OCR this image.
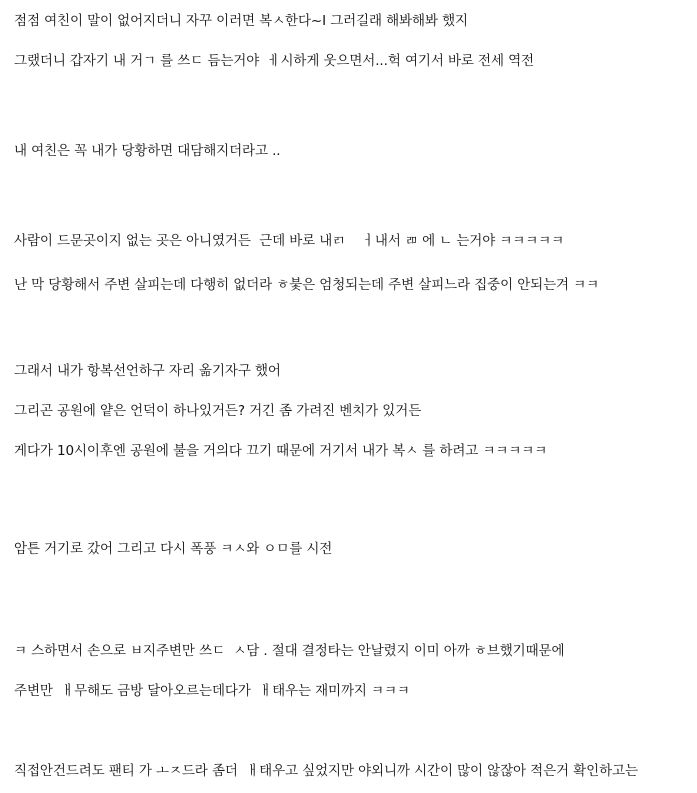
점점 여친이 말이 없어지더니 자꾸 이러면 복ㅅ한다~I 그러길래 해봐해봐 했지
그랬더니 갑자기 내 거ㄱ 를 쓰ㄷ 듬는거야  ㅔ시하게 웃으면서...헉 여기서 바로 전세 역전
내 여친은 꼭 내가 당황하면 대담해지더라고 ..
사람이 드문곳이지 없는 곳은 아니였거든  근데 바로 내ㄺ    ㅓ내서 ㄻ 에 ㄴ 는거야 ㅋㅋㅋㅋㅋ
난 막 당황해서 주변 살피는데 다행히 없더라 ㅎ붗은 엄청되는데 주변 살피느라 집중이 안되는겨 ㅋㅋ
그래서 내가 항복선언하구 자리 옮기자구 했어
그리곤 공원에 얕은 언덕이 하나있거든? 거긴 좀 가려진 벤치가 있거든
게다가 10시이후엔 공원에 불을 거의다 끄기 때문에 거기서 내가 복ㅅ 를 하려고 ㅋㅋㅋㅋㅋ
암튼 거기로 갔어 그리고 다시 폭풍 ㅋㅅ와 ㅇㅁ를 시전
ㅋ 스하면서 손으로 ㅂ지주변만 쓰ㄷ  ㅅ담 . 절대 결정타는 안날렸지 이미 아까 ㅎ브했기때문에
주변만  ㅐ무해도 금방 달아오르는데다가  ㅐ태우는 재미까지 ㅋㅋㅋ
직접안건드려도 팬티 가 ㅗㅈ드라 좀더  ㅐ태우고 싶었지만 야외니까 시간이 많이 않잖아 적은거 확인하고는
